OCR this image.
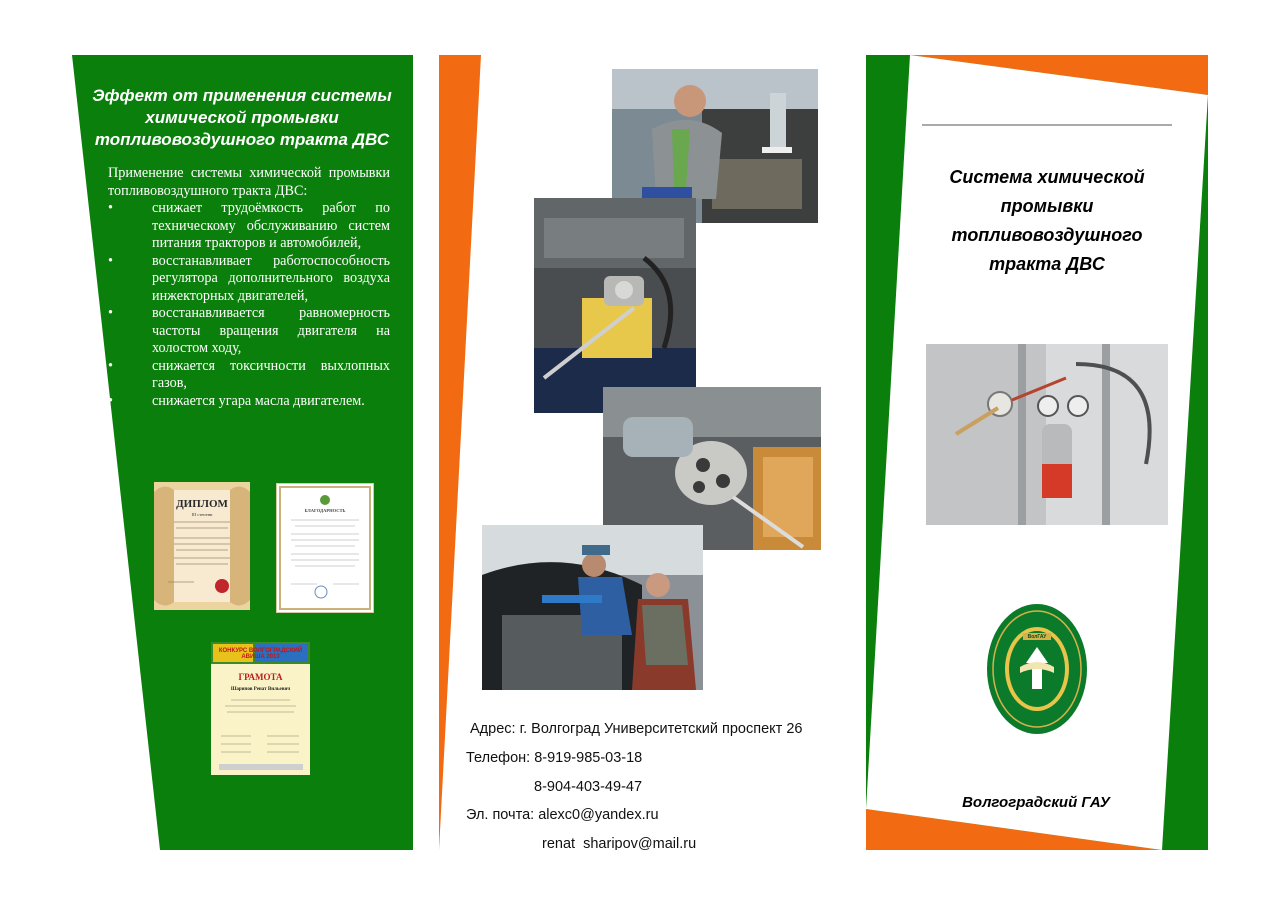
Эффект от применения системы химической промывки топливовоздушного тракта ДВС

Применение системы химической промывки топливовоздушного тракта ДВС:

•	снижает трудоёмкость работ по техническому обслуживанию систем питания тракторов и автомобилей,
•	восстанавливает работоспособность регулятора дополнительного воздуха инжекторных двигателей,
•	восстанавливается равномерность частоты вращения двигателя на холостом ходу,
•	снижается токсичности выхлопных газов,
•	снижается угара масла двигателем.
ДИПЛОМ
III степени
БЛАГОДАРНОСТЬ
КОНКУРС ВОЛГОГРАДСКИЙ АВИША 2013
ГРАМОТА
Шарипов Ренат Вильевич
Адрес: г. Волгоград Университетский проспект 26
Телефон: 8-919-985-03-18
8-904-403-49-47
Эл. почта: alexc0@yandex.ru
renat_sharipov@mail.ru
Система химической промывки топливовоздушного тракта ДВС
ВолГАУ
Волгоградский ГАУ
